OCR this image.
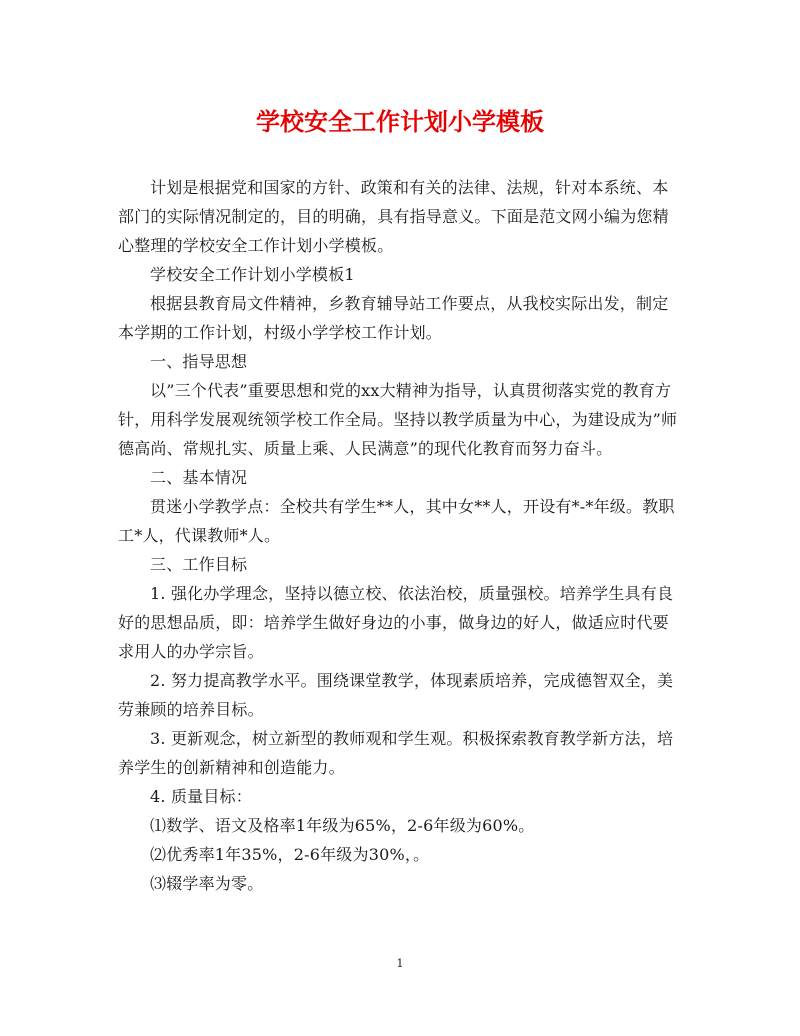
学校安全工作计划小学模板

计划是根据党和国家的方针、政策和有关的法律、法规，针对本系统、本部门的实际情况制定的，目的明确，具有指导意义。下面是范文网小编为您精心整理的学校安全工作计划小学模板。

学校安全工作计划小学模板1

根据县教育局文件精神，乡教育辅导站工作要点，从我校实际出发，制定本学期的工作计划，村级小学学校工作计划。

一、指导思想

以”三个代表”重要思想和党的xx大精神为指导，认真贯彻落实党的教育方针，用科学发展观统领学校工作全局。坚持以教学质量为中心，为建设成为”师德高尚、常规扎实、质量上乘、人民满意”的现代化教育而努力奋斗。

二、基本情况

贯迷小学教学点：全校共有学生**人，其中女**人，开设有*-*年级。教职工*人，代课教师*人。

三、工作目标

1. 强化办学理念，坚持以德立校、依法治校，质量强校。培养学生具有良好的思想品质，即：培养学生做好身边的小事，做身边的好人，做适应时代要求用人的办学宗旨。

2. 努力提高教学水平。围绕课堂教学，体现素质培养，完成德智双全，美劳兼顾的培养目标。

3. 更新观念，树立新型的教师观和学生观。积极探索教育教学新方法，培养学生的创新精神和创造能力。

4. 质量目标：

⑴数学、语文及格率1年级为65%，2-6年级为60%。

⑵优秀率1年35%，2-6年级为30%，。

⑶辍学率为零。

1
